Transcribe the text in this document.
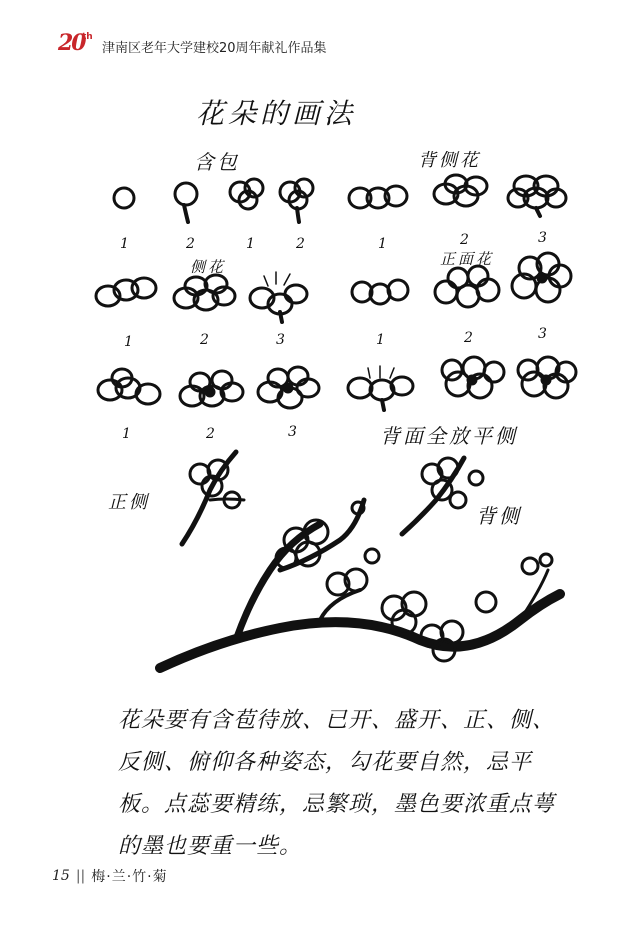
20
th
津南区老年大学建校20周年献礼作品集
花朵的画法
含包	背侧花
侧花	正面花
背面全放平侧
正侧
背侧
1	2	1	2	1	2	3
1	2	3	1	2	3
1	2	3
花朵要有含苞待放、已开、盛开、正、侧、反侧、俯仰各种姿态，勾花要自然，忌平板。点蕊要精练，忌繁琐，墨色要浓重点萼的墨也要重一些。
15 || 梅·兰·竹·菊
